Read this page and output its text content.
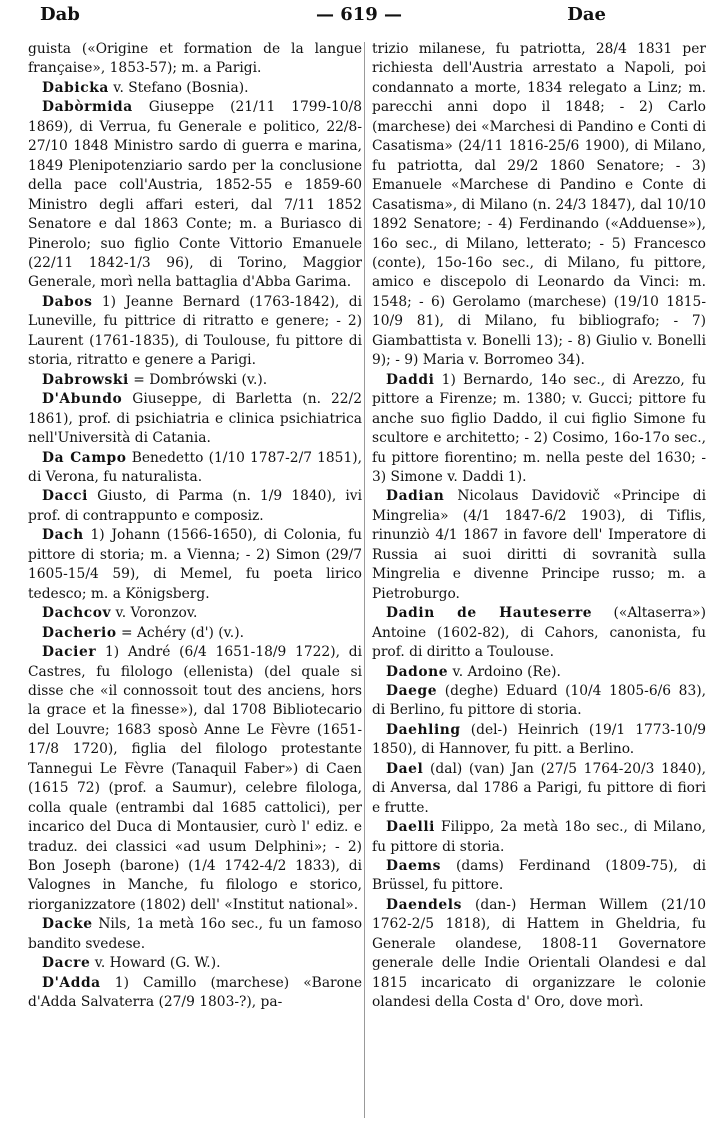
Dab	— 619 —	Dae

guista («Origine et formation de la langue française», 1853-57); m. a Parigi.

Dabicka v. Stefano (Bosnia).

Dabòrmida Giuseppe (21/11 1799-10/8 1869), di Verrua, fu Generale e politico, 22/8-27/10 1848 Ministro sardo di guerra e marina, 1849 Plenipotenziario sardo per la conclusione della pace coll'Austria, 1852-55 e 1859-60 Ministro degli affari esteri, dal 7/11 1852 Senatore e dal 1863 Conte; m. a Buriasco di Pinerolo; suo figlio Conte Vittorio Emanuele (22/11 1842-1/3 96), di Torino, Maggior Generale, morì nella battaglia d'Abba Garima.

Dabos 1) Jeanne Bernard (1763-1842), di Luneville, fu pittrice di ritratto e genere; - 2) Laurent (1761-1835), di Toulouse, fu pittore di storia, ritratto e genere a Parigi.

Dabrowski = Dombrówski (v.).

D'Abundo Giuseppe, di Barletta (n. 22/2 1861), prof. di psichiatria e clinica psichiatrica nell'Università di Catania.

Da Campo Benedetto (1/10 1787-2/7 1851), di Verona, fu naturalista.

Dacci Giusto, di Parma (n. 1/9 1840), ivi prof. di contrappunto e composiz.

Dach 1) Johann (1566-1650), di Colonia, fu pittore di storia; m. a Vienna; - 2) Simon (29/7 1605-15/4 59), di Memel, fu poeta lirico tedesco; m. a Königsberg.

Dachcov v. Voronzov.

Dacherio = Achéry (d') (v.).

Dacier 1) André (6/4 1651-18/9 1722), di Castres, fu filologo (ellenista) (del quale si disse che «il connossoit tout des anciens, hors la grace et la finesse»), dal 1708 Bibliotecario del Louvre; 1683 sposò Anne Le Fèvre (1651-17/8 1720), figlia del filologo protestante Tannegui Le Fèvre (Tanaquil Faber») di Caen (1615 72) (prof. a Saumur), celebre filologa, colla quale (entrambi dal 1685 cattolici), per incarico del Duca di Montausier, curò l' ediz. e traduz. dei classici «ad usum Delphini»; - 2) Bon Joseph (barone) (1/4 1742-4/2 1833), di Valognes in Manche, fu filologo e storico, riorganizzatore (1802) dell' «Institut national».

Dacke Nils, 1a metà 16o sec., fu un famoso bandito svedese.

Dacre v. Howard (G. W.).

D'Adda 1) Camillo (marchese) «Barone d'Adda Salvaterra (27/9 1803-?), pa-

trizio milanese, fu patriotta, 28/4 1831 per richiesta dell'Austria arrestato a Napoli, poi condannato a morte, 1834 relegato a Linz; m. parecchi anni dopo il 1848; - 2) Carlo (marchese) dei «Marchesi di Pandino e Conti di Casatisma» (24/11 1816-25/6 1900), di Milano, fu patriotta, dal 29/2 1860 Senatore; - 3) Emanuele «Marchese di Pandino e Conte di Casatisma», di Milano (n. 24/3 1847), dal 10/10 1892 Senatore; - 4) Ferdinando («Adduense»), 16o sec., di Milano, letterato; - 5) Francesco (conte), 15o-16o sec., di Milano, fu pittore, amico e discepolo di Leonardo da Vinci: m. 1548; - 6) Gerolamo (marchese) (19/10 1815-10/9 81), di Milano, fu bibliografo; - 7) Giambattista v. Bonelli 13); - 8) Giulio v. Bonelli 9); - 9) Maria v. Borromeo 34).

Daddi 1) Bernardo, 14o sec., di Arezzo, fu pittore a Firenze; m. 1380; v. Gucci; pittore fu anche suo figlio Daddo, il cui figlio Simone fu scultore e architetto; - 2) Cosimo, 16o-17o sec., fu pittore fiorentino; m. nella peste del 1630; - 3) Simone v. Daddi 1).

Dadian Nicolaus Davidovič «Principe di Mingrelia» (4/1 1847-6/2 1903), di Tiflis, rinunziò 4/1 1867 in favore dell' Imperatore di Russia ai suoi diritti di sovranità sulla Mingrelia e divenne Principe russo; m. a Pietroburgo.

Dadin de Hauteserre («Altaserra») Antoine (1602-82), di Cahors, canonista, fu prof. di diritto a Toulouse.

Dadone v. Ardoino (Re).

Daege (deghe) Eduard (10/4 1805-6/6 83), di Berlino, fu pittore di storia.

Daehling (del-) Heinrich (19/1 1773-10/9 1850), di Hannover, fu pitt. a Berlino.

Dael (dal) (van) Jan (27/5 1764-20/3 1840), di Anversa, dal 1786 a Parigi, fu pittore di fiori e frutte.

Daelli Filippo, 2a metà 18o sec., di Milano, fu pittore di storia.

Daems (dams) Ferdinand (1809-75), di Brüssel, fu pittore.

Daendels (dan-) Herman Willem (21/10 1762-2/5 1818), di Hattem in Gheldria, fu Generale olandese, 1808-11 Governatore generale delle Indie Orientali Olandesi e dal 1815 incaricato di organizzare le colonie olandesi della Costa d' Oro, dove morì.
